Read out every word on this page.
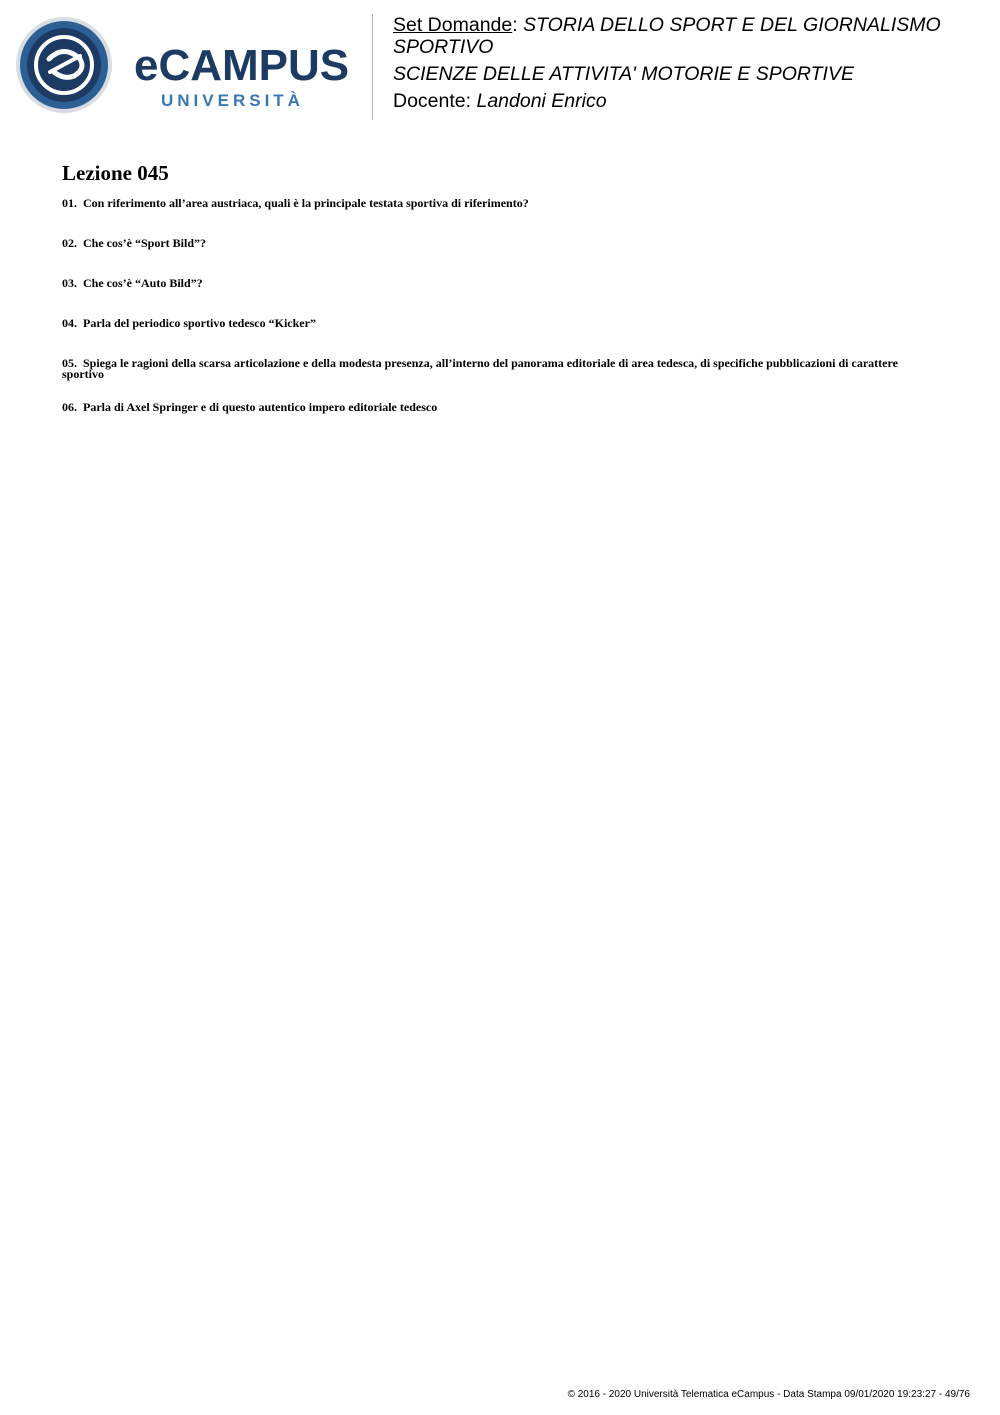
eCAMPUS
UNIVERSITÀ
Set Domande: STORIA DELLO SPORT E DEL GIORNALISMO
SPORTIVO
SCIENZE DELLE ATTIVITA' MOTORIE E SPORTIVE
Docente: Landoni Enrico
Lezione 045

01. Con riferimento all’area austriaca, quali è la principale testata sportiva di riferimento?

02. Che cos’è “Sport Bild”?

03. Che cos’è “Auto Bild”?

04. Parla del periodico sportivo tedesco “Kicker”

05. Spiega le ragioni della scarsa articolazione e della modesta presenza, all’interno del panorama editoriale di area tedesca, di specifiche pubblicazioni di carattere sportivo

06. Parla di Axel Springer e di questo autentico impero editoriale tedesco

© 2016 - 2020 Università Telematica eCampus - Data Stampa 09/01/2020 19:23:27 - 49/76
